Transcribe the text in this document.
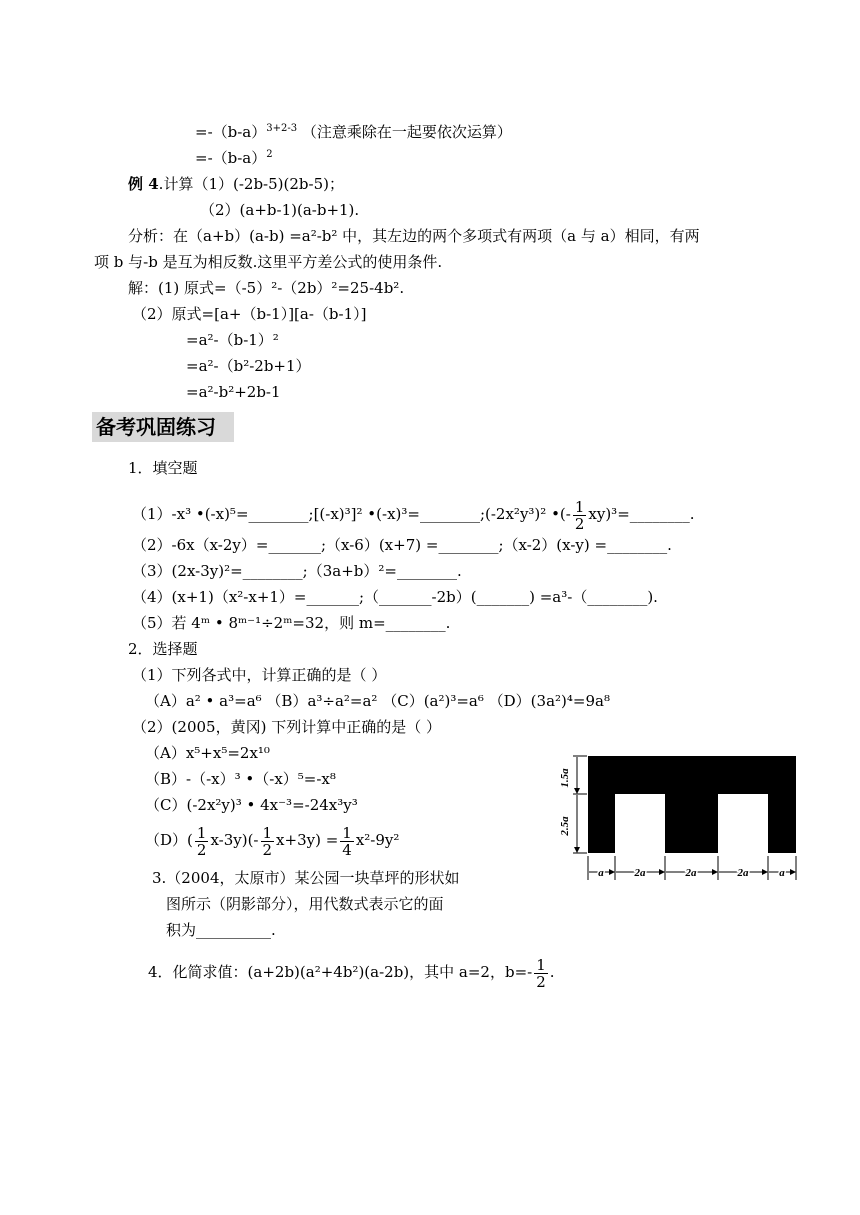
$=-(b-a)^{3+2-3}$ （注意乘除在一起要依次运算）
$=-(b-a)^2$
例 4.计算（1）(-2b-5)(2b-5)；
（2）(a+b-1)(a-b+1).
分析：在（a+b）(a-b) =a²-b² 中，其左边的两个多项式有两项（a 与 a）相同，有两
项 b 与-b 是互为相反数.这里平方差公式的使用条件.
解：(1) 原式=（-5）²-（2b）²=25-4b².
（2）原式=[a+（b-1）][a-（b-1）]
=a²-（b-1）²
=a²-（b²-2b+1）
=a²-b²+2b-1
备考巩固练习
1．填空题
（1）-x³ •(-x)⁵=________;[(-x)³]² •(-x)³=________;(-2x²y³)² •(- $\frac{1}{2}$ xy)³=________.
（2）-6x（x-2y）=_______;（x-6）(x+7) =________;（x-2）(x-y) =________.
（3）(2x-3y)²=________;（3a+b）²=________.
（4）(x+1)（x²-x+1）=_______;（_______-2b）(_______) =a³-（________).
（5）若 4ᵐ • 8ᵐ⁻¹÷2ᵐ=32，则 m=________.
2．选择题
（1）下列各式中，计算正确的是（ ）
（A）a² • a³=a⁶ （B）a³÷a²=a² （C）(a²)³=a⁶ （D）(3a²)⁴=9a⁸
（2）(2005，黄冈) 下列计算中正确的是（ ）
（A）x⁵+x⁵=2x¹⁰
（B）-（-x）³ •（-x）⁵=-x⁸
（C）(-2x²y)³ • 4x⁻³=-24x³y³
$(D)( \frac{1}{2} x-3y)(- \frac{1}{2} x+3y) = \frac{1}{4} x^2-9y^2$
3.（2004，太原市）某公园一块草坪的形状如
图所示（阴影部分），用代数式表示它的面
积为__________.
4．化简求值：(a+2b)(a²+4b²)(a-2b)，其中 a=2，$b=- \frac{1}{2}$ .
1.5a
2.5a
a	2a	2a	2a	a
